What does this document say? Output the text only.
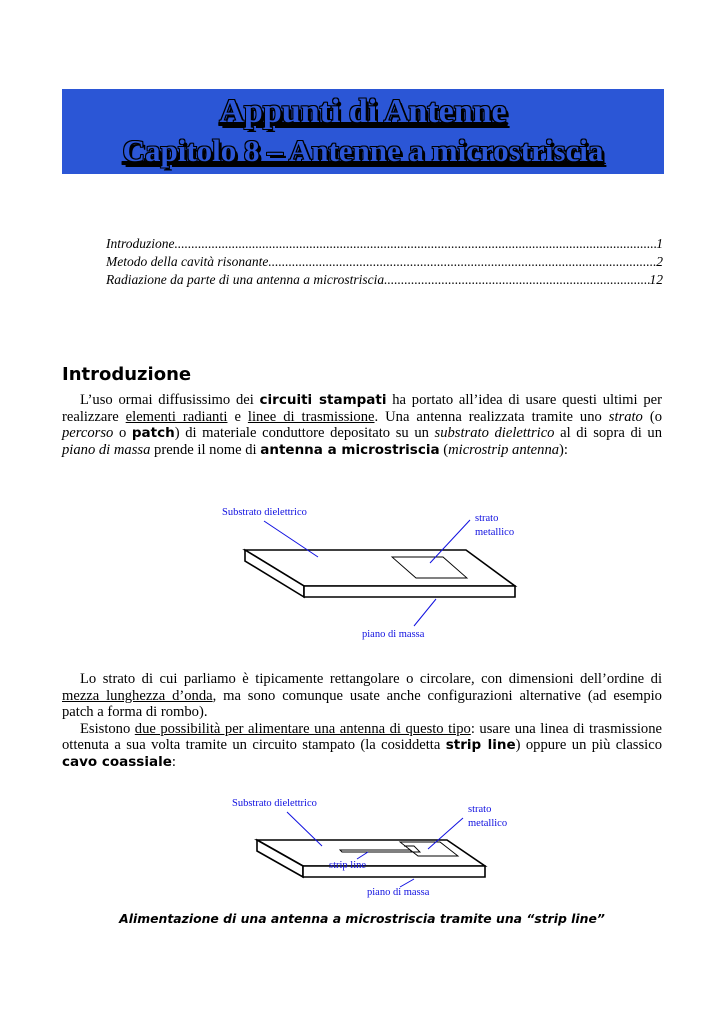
Appunti di Antenne
Capitolo 8 – Antenne a microstriscia
Introduzione .....	1
Metodo della cavità risonante .....	2
Radiazione da parte di una antenna a microstriscia .....	12
Introduzione

L’uso ormai diffusissimo dei circuiti stampati ha portato all’idea di usare questi ultimi per realizzare elementi radianti e linee di trasmissione. Una antenna realizzata tramite uno strato (o percorso o patch) di materiale conduttore depositato su un substrato dielettrico al di sopra di un piano di massa prende il nome di antenna a microstriscia (microstrip antenna):

Substrato dielettrico
strato
metallico
piano di massa

Lo strato di cui parliamo è tipicamente rettangolare o circolare, con dimensioni dell’ordine di mezza lunghezza d’onda, ma sono comunque usate anche configurazioni alternative (ad esempio patch a forma di rombo).

Esistono due possibilità per alimentare una antenna di questo tipo: usare una linea di trasmissione ottenuta a sua volta tramite un circuito stampato (la cosiddetta strip line) oppure un più classico cavo coassiale:

Substrato dielettrico
strato
metallico
strip line
piano di massa
Alimentazione di una antenna a microstriscia tramite una “strip line”
